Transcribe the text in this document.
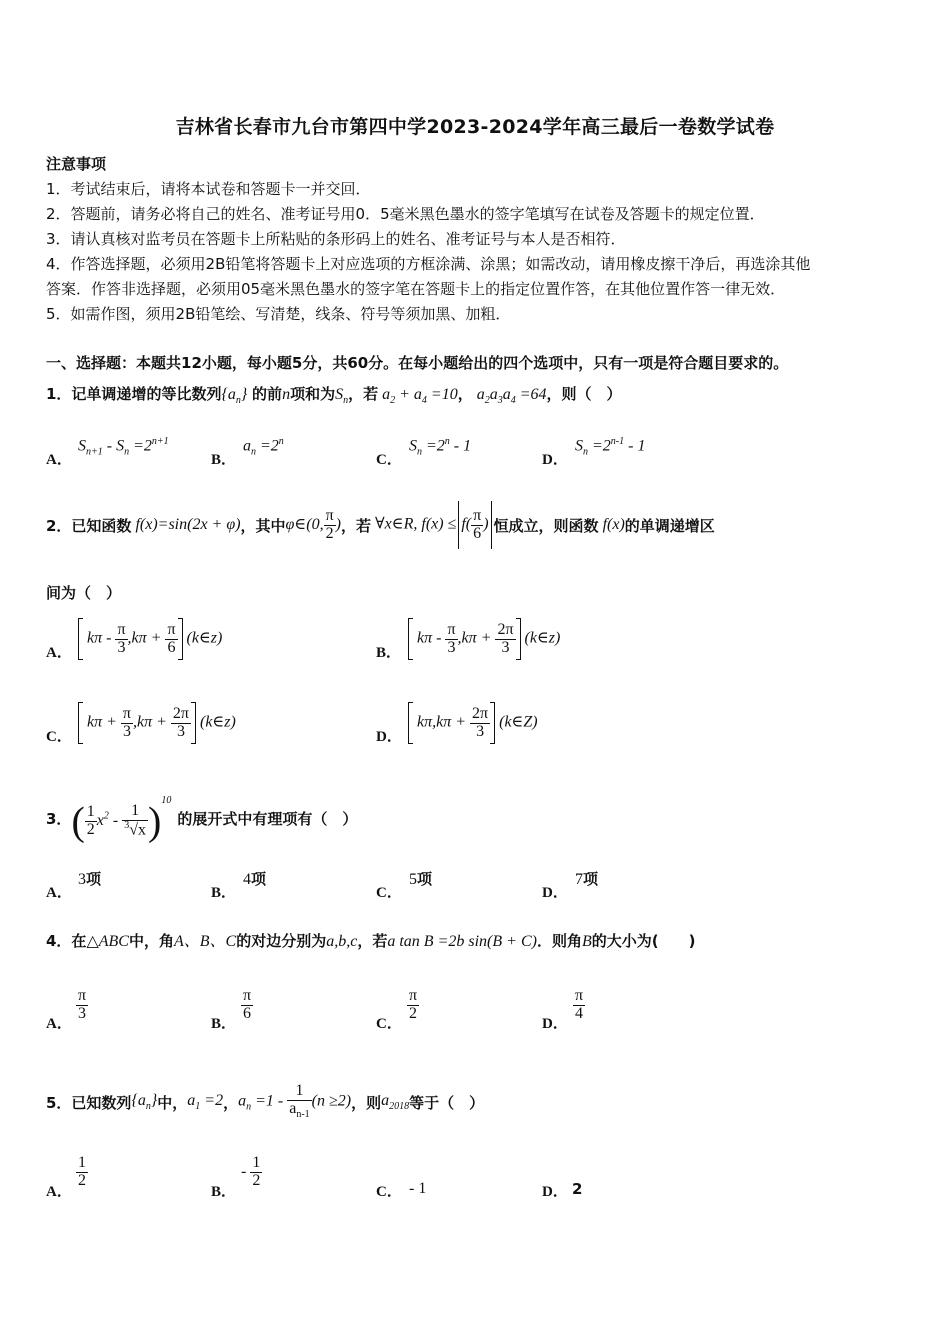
吉林省长春市九台市第四中学2023-2024学年高三最后一卷数学试卷
注意事项
1．考试结束后，请将本试卷和答题卡一并交回．
2．答题前，请务必将自己的姓名、准考证号用0．5毫米黑色墨水的签字笔填写在试卷及答题卡的规定位置．
3．请认真核对监考员在答题卡上所粘贴的条形码上的姓名、准考证号与本人是否相符．
4．作答选择题，必须用2B铅笔将答题卡上对应选项的方框涂满、涂黑；如需改动，请用橡皮擦干净后，再选涂其他
答案．作答非选择题，必须用05毫米黑色墨水的签字笔在答题卡上的指定位置作答，在其他位置作答一律无效．
5．如需作图，须用2B铅笔绘、写清楚，线条、符号等须加黑、加粗．
一、选择题：本题共12小题，每小题5分，共60分。在每小题给出的四个选项中，只有一项是符合题目要求的。
1．记单调递增的等比数列$\{a_n\}$ 的前n项和为$S_n$，若 $a_2 + a_4 =10$， $a_2a_3a_4 =64$，则（　）
A．
$S_{n+1} - S_n =2^{n+1}$
B．
$a_n =2^n$
C．
$S_n =2^n - 1$
D．
$S_n =2^{n-1} - 1$
2．已知函数 f(x)=sin(2x + φ) ，其中 φ∈(0, $\frac{\pi}{2}$ ) ，若 ∀x∈R, $f(x) \le f( \frac{\pi}{6}$ ) 恒成立，则函数 f(x) 的单调递增区
间为（　）
A．
$k\pi - \frac{\pi}{3} ,k\pi + \frac{\pi}{6}$ (k∈z)
B．
$k\pi - \frac{\pi}{3} ,k\pi + \frac{2\pi}{3}$ (k∈z)
C．
$k\pi + \frac{\pi}{3} ,k\pi + \frac{2\pi}{3}$ (k∈z)
D．
$k\pi,k\pi + \frac{2\pi}{3}$ (k∈Z)
3． ( $\frac{1}{2} x^2 - \frac{1}{^3√x} )^{10}$
的展开式中有理项有（　）
A．
3项
B．
4项
C．
5项
D．
7项
4．在△ABC中，角A、B、C的对边分别为a,b,c，若a tan B =2b sin(B + C)．则角B的大小为(　　)
A．
$\frac{\pi}{3}$
B．
$\frac{\pi}{6}$
C．
$\frac{\pi}{2}$
D．
$\frac{\pi}{4}$
5．已知数列 $\{a_n\}$ 中， $a_1 =2$ ， $a_n =1 - \frac{1}{a_{n-1}} (n \ge 2)$ ，则 $a_{2018}$ 等于（　）
A．
$\frac{1}{2}$
B．
- $\frac{1}{2}$
C． - 1	D． 2
